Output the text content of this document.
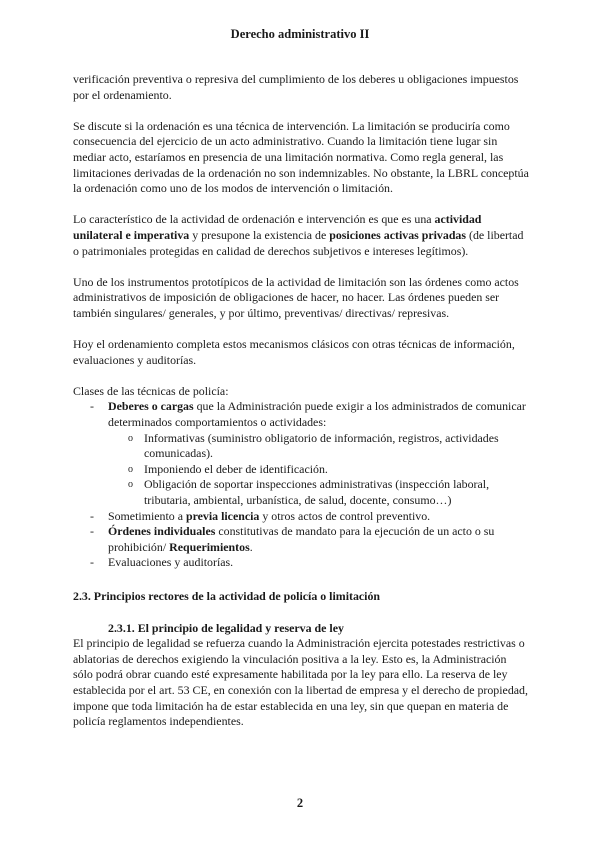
Derecho administrativo II

verificación preventiva o represiva del cumplimiento de los deberes u obligaciones impuestos por el ordenamiento.

Se discute si la ordenación es una técnica de intervención. La limitación se produciría como consecuencia del ejercicio de un acto administrativo. Cuando la limitación tiene lugar sin mediar acto, estaríamos en presencia de una limitación normativa. Como regla general, las limitaciones derivadas de la ordenación no son indemnizables. No obstante, la LBRL conceptúa la ordenación como uno de los modos de intervención o limitación.

Lo característico de la actividad de ordenación e intervención es que es una actividad unilateral e imperativa y presupone la existencia de posiciones activas privadas (de libertad o patrimoniales protegidas en calidad de derechos subjetivos e intereses legítimos).

Uno de los instrumentos prototípicos de la actividad de limitación son las órdenes como actos administrativos de imposición de obligaciones de hacer, no hacer. Las órdenes pueden ser también singulares/ generales, y por último, preventivas/ directivas/ represivas.

Hoy el ordenamiento completa estos mecanismos clásicos con otras técnicas de información, evaluaciones y auditorías.

Clases de las técnicas de policía:

- Deberes o cargas que la Administración puede exigir a los administrados de comunicar determinados comportamientos o actividades:
o Informativas (suministro obligatorio de información, registros, actividades comunicadas).
o Imponiendo el deber de identificación.
o Obligación de soportar inspecciones administrativas (inspección laboral, tributaria, ambiental, urbanística, de salud, docente, consumo…)
- Sometimiento a previa licencia y otros actos de control preventivo.
- Órdenes individuales constitutivas de mandato para la ejecución de un acto o su prohibición/ Requerimientos.
- Evaluaciones y auditorías.
2.3. Principios rectores de la actividad de policía o limitación
2.3.1. El principio de legalidad y reserva de ley

El principio de legalidad se refuerza cuando la Administración ejercita potestades restrictivas o ablatorias de derechos exigiendo la vinculación positiva a la ley. Esto es, la Administración sólo podrá obrar cuando esté expresamente habilitada por la ley para ello. La reserva de ley establecida por el art. 53 CE, en conexión con la libertad de empresa y el derecho de propiedad, impone que toda limitación ha de estar establecida en una ley, sin que quepan en materia de policía reglamentos independientes.

2
